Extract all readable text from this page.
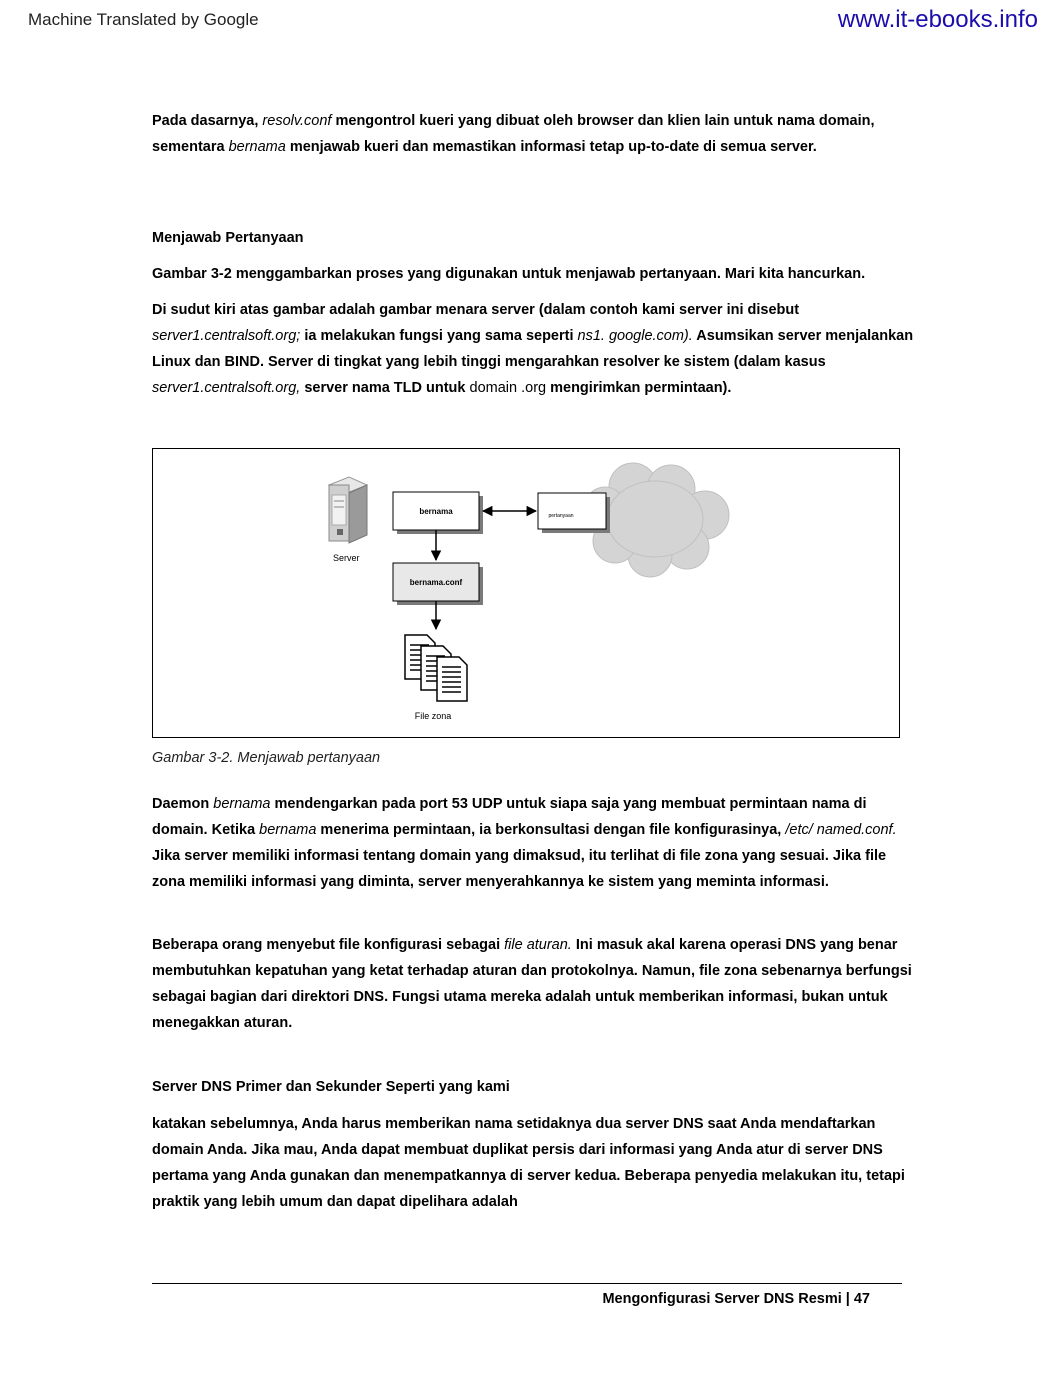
Machine Translated by Google	www.it-ebooks.info

Pada dasarnya, resolv.conf mengontrol kueri yang dibuat oleh browser dan klien lain untuk nama domain, sementara bernama menjawab kueri dan memastikan informasi tetap up-to-date di semua server.

Menjawab Pertanyaan

Gambar 3-2 menggambarkan proses yang digunakan untuk menjawab pertanyaan. Mari kita hancurkan.

Di sudut kiri atas gambar adalah gambar menara server (dalam contoh kami server ini disebut server1.centralsoft.org; ia melakukan fungsi yang sama seperti ns1. google.com). Asumsikan server menjalankan Linux dan BIND. Server di tingkat yang lebih tinggi mengarahkan resolver ke sistem (dalam kasus server1.centralsoft.org, server nama TLD untuk domain .org mengirimkan permintaan).

Server
bernama	pertanyaan
bernama.conf
File zona
Gambar 3-2. Menjawab pertanyaan

Daemon bernama mendengarkan pada port 53 UDP untuk siapa saja yang membuat permintaan nama di domain. Ketika bernama menerima permintaan, ia berkonsultasi dengan file konfigurasinya, /etc/ named.conf. Jika server memiliki informasi tentang domain yang dimaksud, itu terlihat di file zona yang sesuai. Jika file zona memiliki informasi yang diminta, server menyerahkannya ke sistem yang meminta informasi.

Beberapa orang menyebut file konfigurasi sebagai file aturan. Ini masuk akal karena operasi DNS yang benar membutuhkan kepatuhan yang ketat terhadap aturan dan protokolnya. Namun, file zona sebenarnya berfungsi sebagai bagian dari direktori DNS. Fungsi utama mereka adalah untuk memberikan informasi, bukan untuk menegakkan aturan.

Server DNS Primer dan Sekunder Seperti yang kami

katakan sebelumnya, Anda harus memberikan nama setidaknya dua server DNS saat Anda mendaftarkan domain Anda. Jika mau, Anda dapat membuat duplikat persis dari informasi yang Anda atur di server DNS pertama yang Anda gunakan dan menempatkannya di server kedua. Beberapa penyedia melakukan itu, tetapi praktik yang lebih umum dan dapat dipelihara adalah

Mengonfigurasi Server DNS Resmi | 47
